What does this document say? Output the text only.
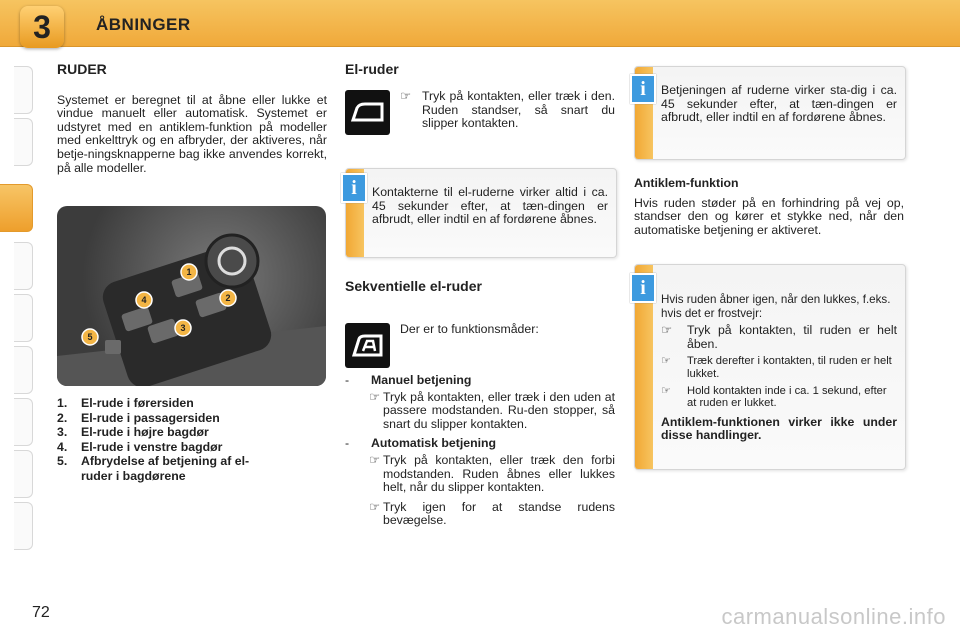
3	ÅBNINGER
RUDER

Systemet er beregnet til at åbne eller lukke et vindue manuelt eller automatisk. Systemet er udstyret med en antiklem-funktion på modeller med enkelttryk og en afbryder, der aktiveres, når betje-ningsknapperne bag ikke anvendes korrekt, på alle modeller.

1
2
3
4
5
1.	El-rude i førersiden
2.	El-rude i passagersiden
3.	El-rude i højre bagdør
4.	El-rude i venstre bagdør
5.	Afbrydelse af betjening af el-ruder i bagdørene
El-ruder
☞ Tryk på kontakten, eller træk i den. Ruden standser, så snart du slipper kontakten.
Kontakterne til el-ruderne virker altid i ca. 45 sekunder efter, at tæn-dingen er afbrudt, eller indtil en af fordørene åbnes.
i
Sekventielle el-ruder
Der er to funktionsmåder:
-	Manuel betjening
☞ Tryk på kontakten, eller træk i den uden at passere modstanden. Ru-den stopper, så snart du slipper kontakten.
-	Automatisk betjening
☞ Tryk på kontakten, eller træk den forbi modstanden. Ruden åbnes eller lukkes helt, når du slipper kontakten.
☞ Tryk igen for at standse rudens bevægelse.
Betjeningen af ruderne virker sta-dig i ca. 45 sekunder efter, at tæn-dingen er afbrudt, eller indtil en af fordørene åbnes.
i
Antiklem-funktion

Hvis ruden støder på en forhindring på vej op, standser den og kører et stykke ned, når den automatiske betjening er aktiveret.

Hvis ruden åbner igen, når den lukkes, f.eks. hvis det er frostvejr:
☞	Tryk på kontakten, til ruden er helt åben.
☞	Træk derefter i kontakten, til ruden er helt lukket.
☞	Hold kontakten inde i ca. 1 sekund, efter at ruden er lukket.
Antiklem-funktionen virker ikke under disse handlinger.
i
72	carmanualsonline.info
